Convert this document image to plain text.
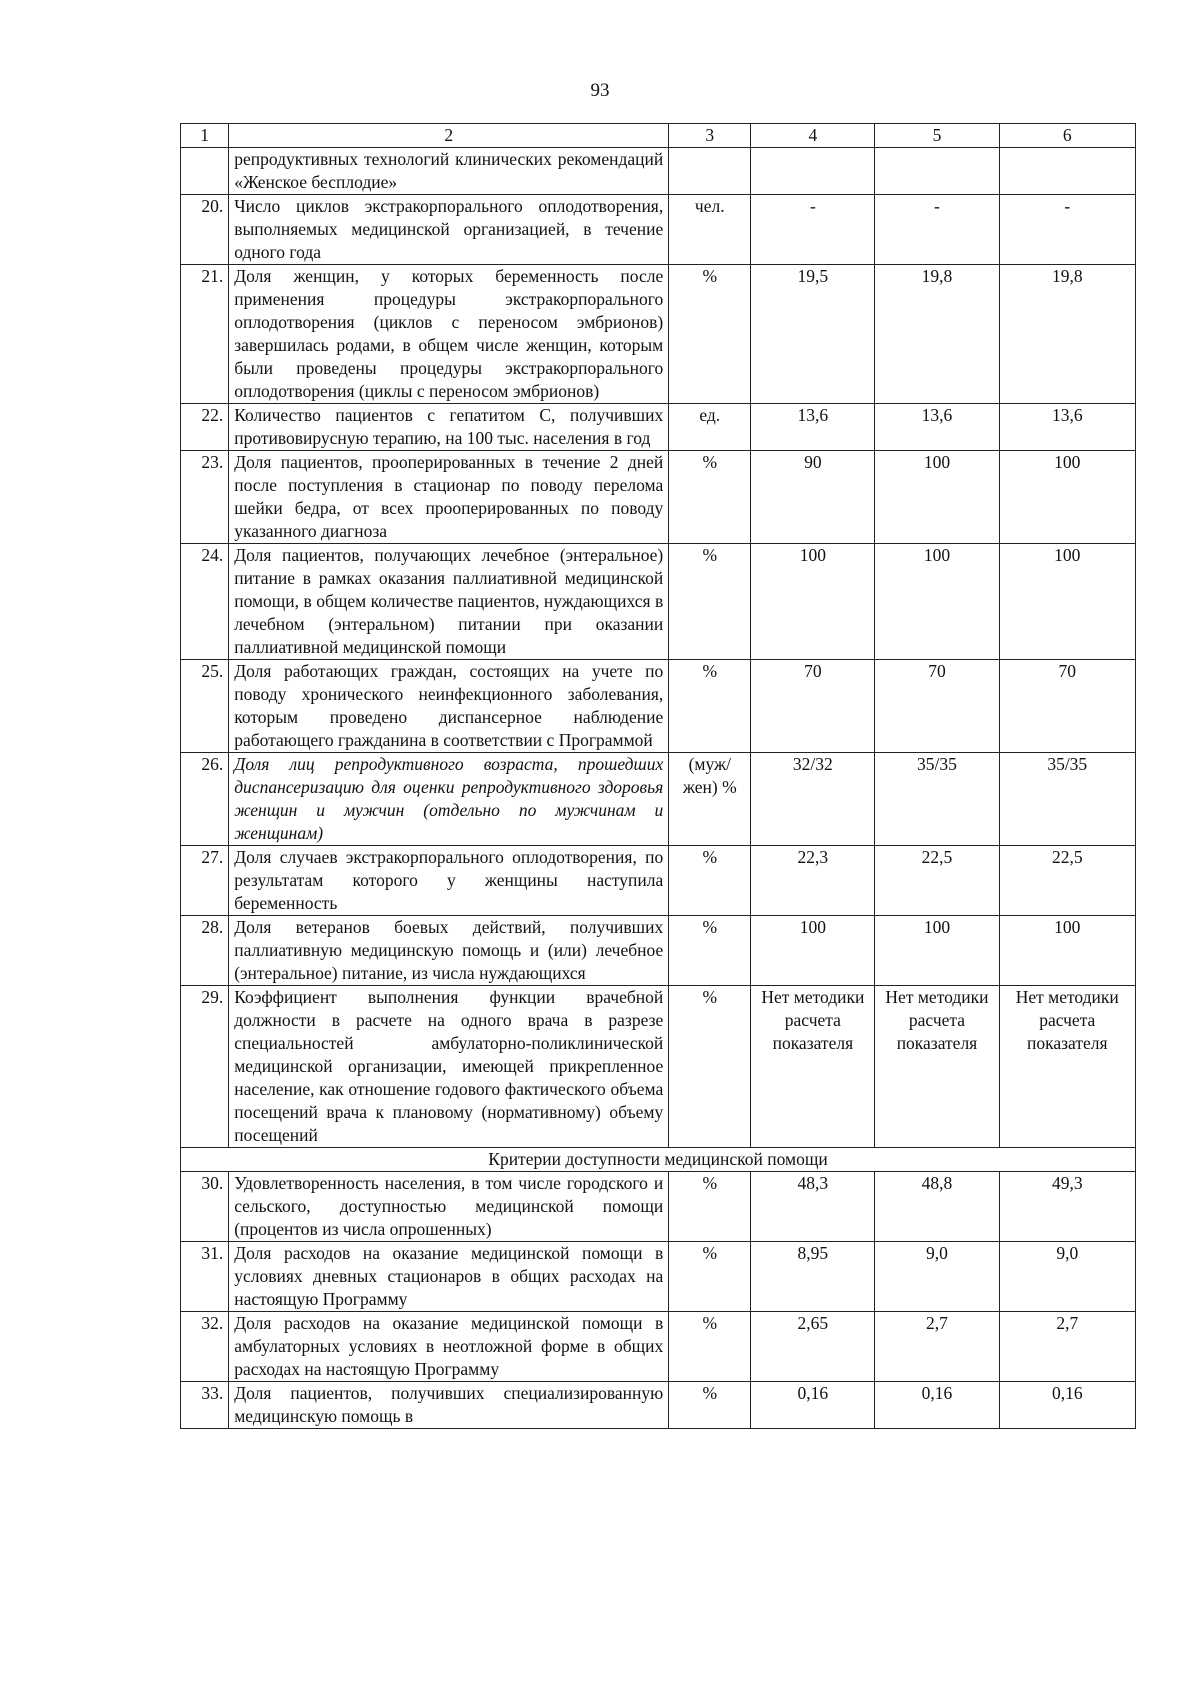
93
1	2	3	4	5	6
	репродуктивных технологий клинических рекомендаций «Женское бесплодие»				
20.	Число циклов экстракорпорального оплодотворения, выполняемых медицинской организацией, в течение одного года	чел.	-	-	-
21.	Доля женщин, у которых беременность после применения процедуры экстракорпорального оплодотворения (циклов с переносом эмбрионов) завершилась родами, в общем числе женщин, которым были проведены процедуры экстракорпорального оплодотворения (циклы с переносом эмбрионов)	%	19,5	19,8	19,8
22.	Количество пациентов с гепатитом С, получивших противовирусную терапию, на 100 тыс. населения в год	ед.	13,6	13,6	13,6
23.	Доля пациентов, прооперированных в течение 2 дней после поступления в стационар по поводу перелома шейки бедра, от всех прооперированных по поводу указанного диагноза	%	90	100	100
24.	Доля пациентов, получающих лечебное (энтеральное) питание в рамках оказания паллиативной медицинской помощи, в общем количестве пациентов, нуждающихся в лечебном (энтеральном) питании при оказании паллиативной медицинской помощи	%	100	100	100
25.	Доля работающих граждан, состоящих на учете по поводу хронического неинфекционного заболевания, которым проведено диспансерное наблюдение работающего гражданина в соответствии с Программой	%	70	70	70
26.	Доля лиц репродуктивного возраста, прошедших диспансеризацию для оценки репродуктивного здоровья женщин и мужчин (отдельно по мужчинам и женщинам)	(муж/ жен) %	32/32	35/35	35/35
27.	Доля случаев экстракорпорального оплодотворения, по результатам которого у женщины наступила беременность	%	22,3	22,5	22,5
28.	Доля ветеранов боевых действий, получивших паллиативную медицинскую помощь и (или) лечебное (энтеральное) питание, из числа нуждающихся	%	100	100	100
29.	Коэффициент выполнения функции врачебной должности в расчете на одного врача в разрезе специальностей амбулаторно-поликлинической медицинской организации, имеющей прикрепленное население, как отношение годового фактического объема посещений врача к плановому (нормативному) объему посещений	%	Нет методики расчета показателя	Нет методики расчета показателя	Нет методики расчета показателя
Критерии доступности медицинской помощи					
30.	Удовлетворенность населения, в том числе городского и сельского, доступностью медицинской помощи (процентов из числа опрошенных)	%	48,3	48,8	49,3
31.	Доля расходов на оказание медицинской помощи в условиях дневных стационаров в общих расходах на настоящую Программу	%	8,95	9,0	9,0
32.	Доля расходов на оказание медицинской помощи в амбулаторных условиях в неотложной форме в общих расходах на настоящую Программу	%	2,65	2,7	2,7
33.	Доля пациентов, получивших специализированную медицинскую помощь в	%	0,16	0,16	0,16
